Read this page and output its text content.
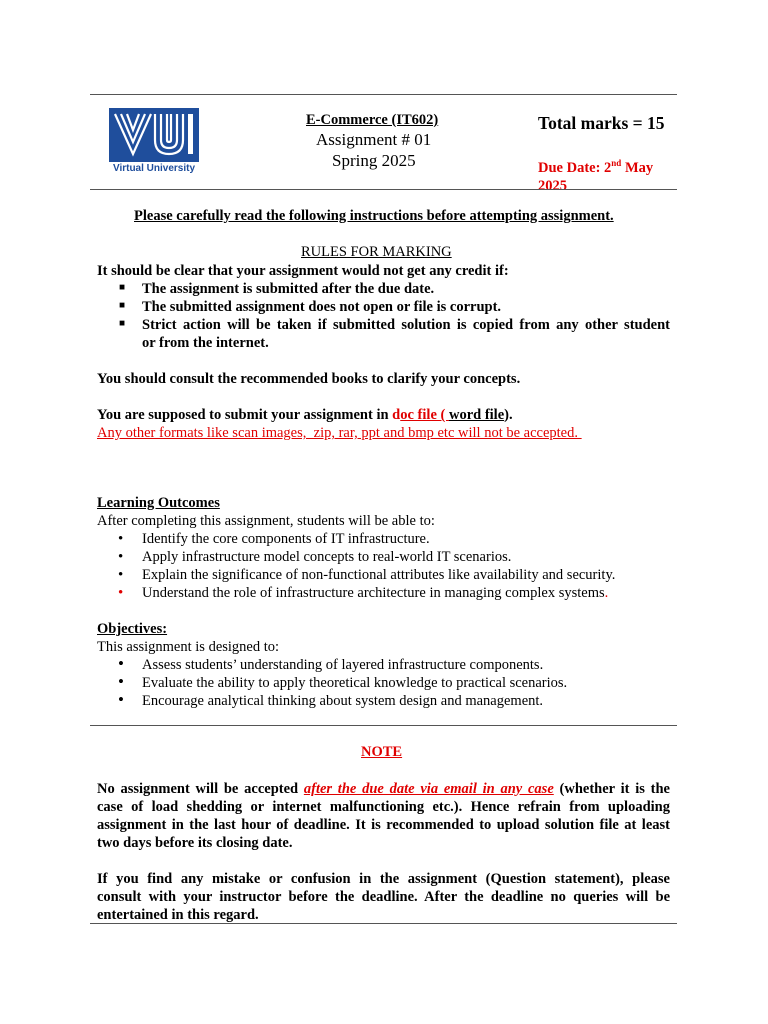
Virtual University
E-Commerce (IT602)
Assignment # 01
Spring 2025
Total marks = 15
Due Date: 2nd May
2025
Please carefully read the following instructions before attempting assignment.
RULES FOR MARKING
It should be clear that your assignment would not get any credit if:
■ The assignment is submitted after the due date.
■ The submitted assignment does not open or file is corrupt.
■ Strict action will be taken if submitted solution is copied from any other student
or from the internet.
You should consult the recommended books to clarify your concepts.
You are supposed to submit your assignment in doc file ( word file).
Any other formats like scan images,  zip, rar, ppt and bmp etc will not be accepted.
Learning Outcomes
After completing this assignment, students will be able to:
• Identify the core components of IT infrastructure.
• Apply infrastructure model concepts to real-world IT scenarios.
• Explain the significance of non-functional attributes like availability and security.
• Understand the role of infrastructure architecture in managing complex systems.
Objectives:
This assignment is designed to:
• Assess students’ understanding of layered infrastructure components.
• Evaluate the ability to apply theoretical knowledge to practical scenarios.
• Encourage analytical thinking about system design and management.
NOTE
No assignment will be accepted after the due date via email in any case (whether it is the
case of load shedding or internet malfunctioning etc.). Hence refrain from uploading
assignment in the last hour of deadline. It is recommended to upload solution file at least
two days before its closing date.
If you find any mistake or confusion in the assignment (Question statement), please
consult with your instructor before the deadline. After the deadline no queries will be
entertained in this regard.
